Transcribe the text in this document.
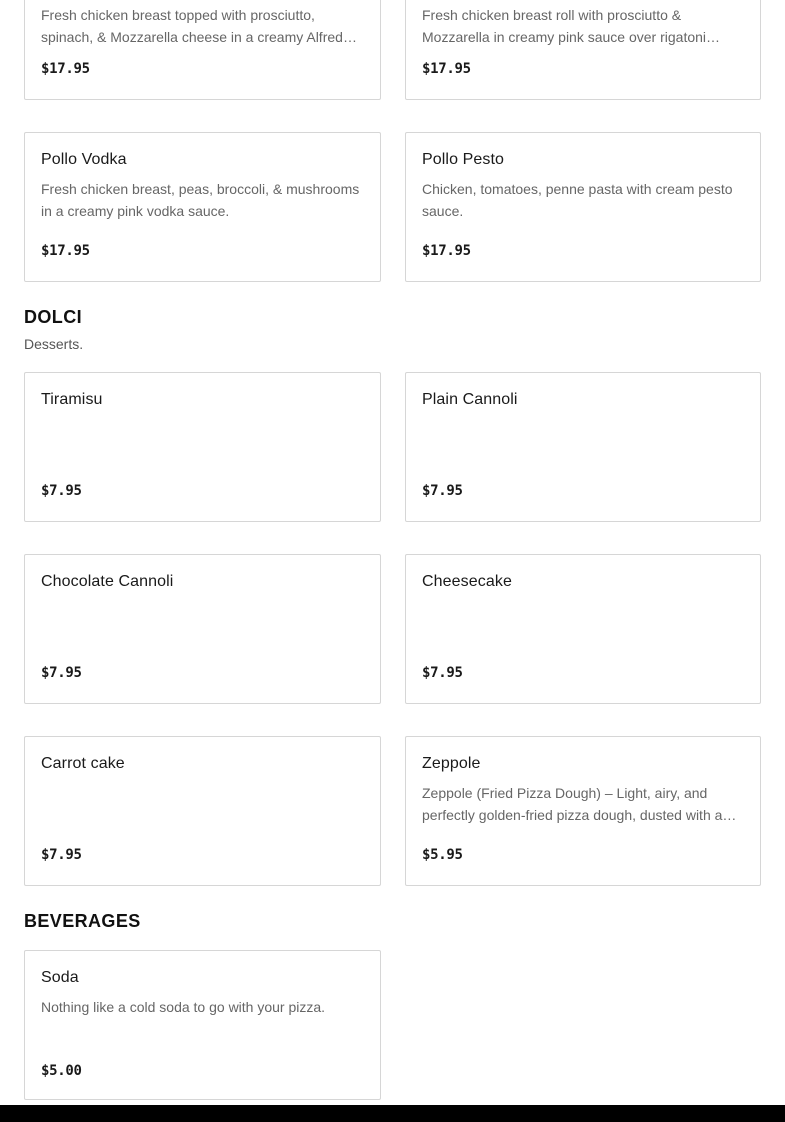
Fresh chicken breast topped with prosciutto, spinach, & Mozzarella cheese in a creamy Alfredo
$17.95
Fresh chicken breast roll with prosciutto & Mozzarella in creamy pink sauce over rigatoni
$17.95
Pollo Vodka
Fresh chicken breast, peas, broccoli, & mushrooms in a creamy pink vodka sauce.
$17.95
Pollo Pesto
Chicken, tomatoes, penne pasta with cream pesto sauce.
$17.95
DOLCI
Desserts.
Tiramisu
$7.95
Plain Cannoli
$7.95
Chocolate Cannoli
$7.95
Cheesecake
$7.95
Carrot cake
$7.95
Zeppole
Zeppole (Fried Pizza Dough) – Light, airy, and perfectly golden-fried pizza dough, dusted with a
$5.95
BEVERAGES
Soda
Nothing like a cold soda to go with your pizza.
$5.00
